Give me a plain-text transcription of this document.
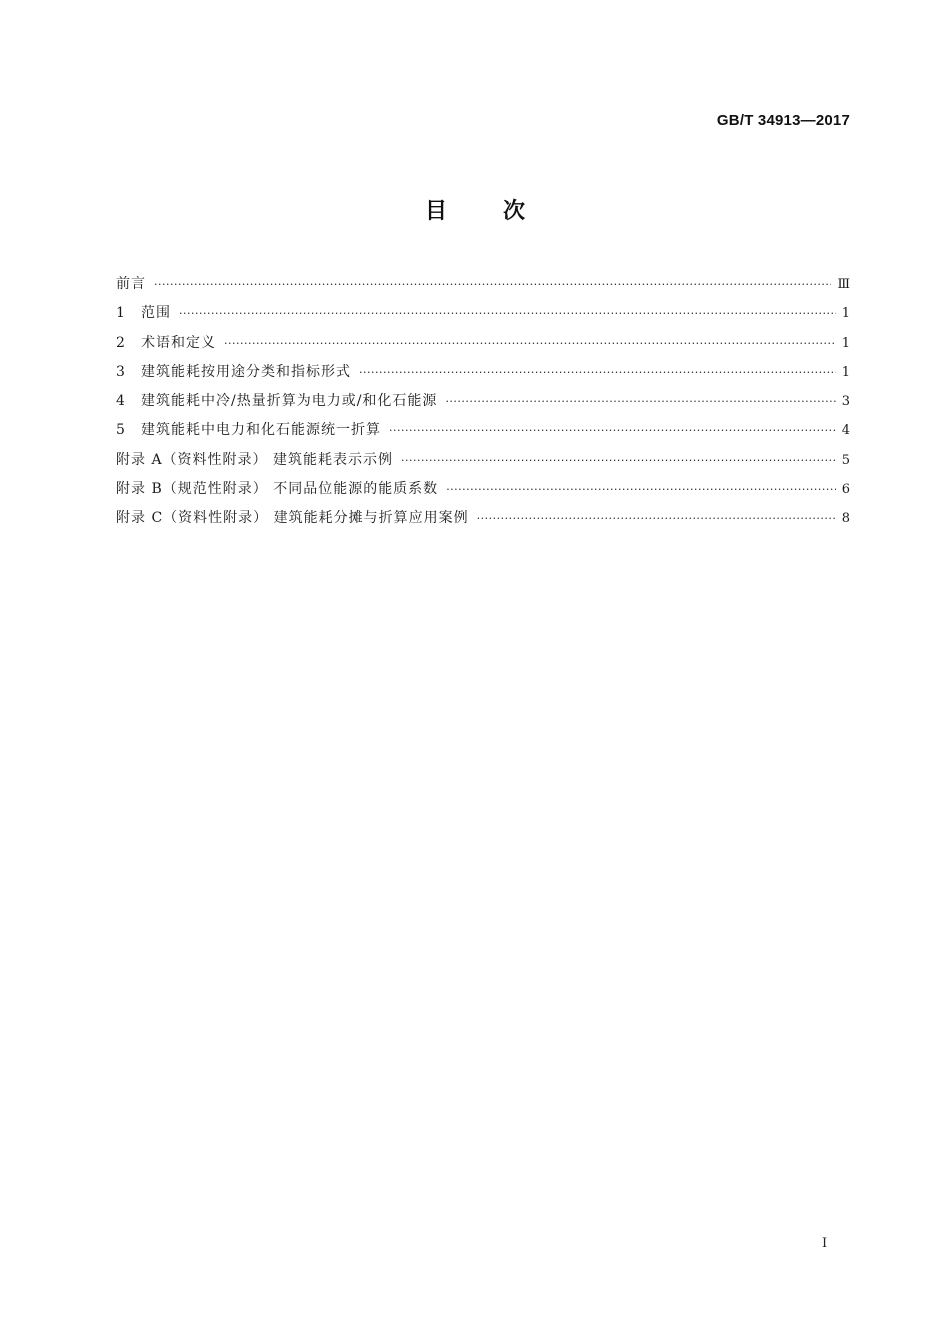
GB/T 34913—2017
目	次
前言 ·····	Ⅲ
1 范围 ·····	1
2 术语和定义 ·····	1
3 建筑能耗按用途分类和指标形式 ·····	1
4 建筑能耗中冷/热量折算为电力或/和化石能源 ·····	3
5 建筑能耗中电力和化石能源统一折算 ·····	4
附录 A（资料性附录） 建筑能耗表示示例 ·····	5
附录 B（规范性附录） 不同品位能源的能质系数 ·····	6
附录 C（资料性附录） 建筑能耗分摊与折算应用案例 ·····	8
Ⅰ
